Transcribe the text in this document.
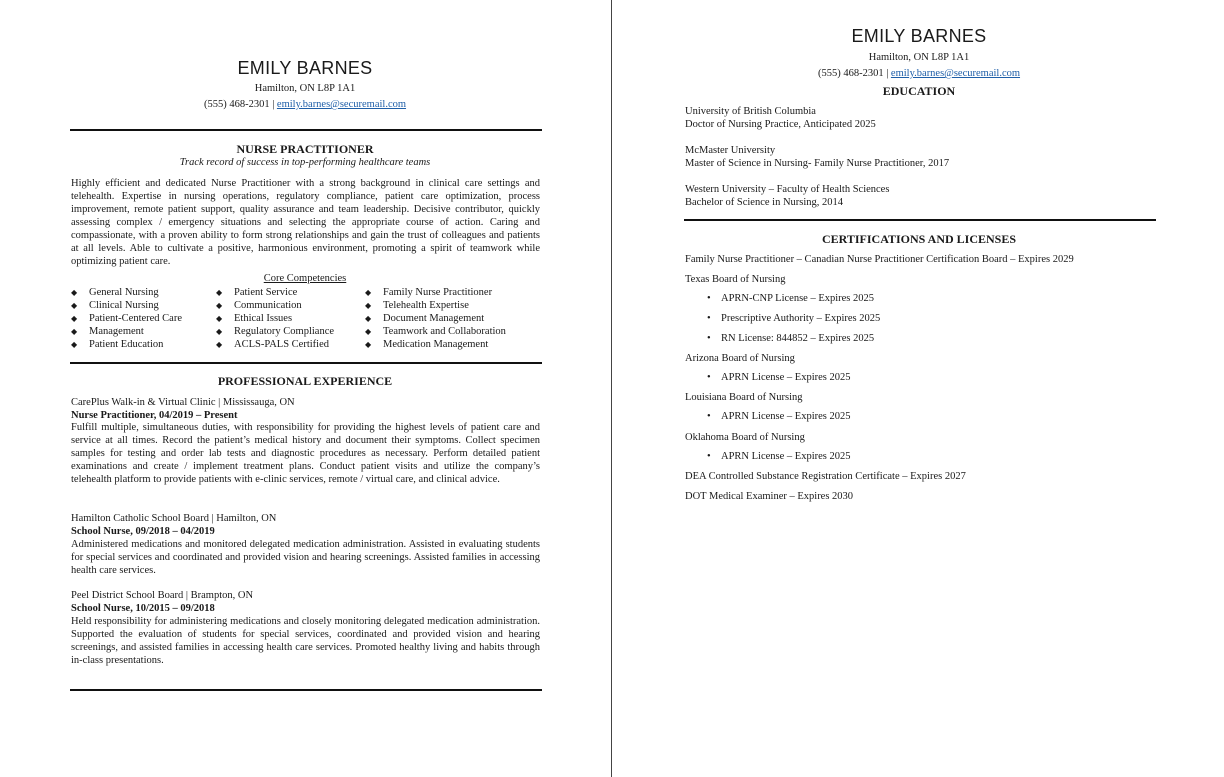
EMILY BARNES
Hamilton, ON L8P 1A1
(555) 468-2301 | emily.barnes@securemail.com
NURSE PRACTITIONER
Track record of success in top-performing healthcare teams
Highly efficient and dedicated Nurse Practitioner with a strong background in clinical care settings and telehealth. Expertise in nursing operations, regulatory compliance, patient care optimization, process improvement, remote patient support, quality assurance and team leadership. Decisive contributor, quickly assessing complex / emergency situations and selecting the appropriate course of action. Caring and compassionate, with a proven ability to form strong relationships and gain the trust of colleagues and patients at all levels. Able to cultivate a positive, harmonious environment, promoting a spirit of teamwork while optimizing patient care.
Core Competencies
◆ General Nursing
◆ Clinical Nursing
◆ Patient-Centered Care
◆ Management
◆ Patient Education
◆ Patient Service
◆ Communication
◆ Ethical Issues
◆ Regulatory Compliance
◆ ACLS-PALS Certified
◆ Family Nurse Practitioner
◆ Telehealth Expertise
◆ Document Management
◆ Teamwork and Collaboration
◆ Medication Management
PROFESSIONAL EXPERIENCE
CarePlus Walk-in & Virtual Clinic | Mississauga, ON
Nurse Practitioner, 04/2019 – Present
Fulfill multiple, simultaneous duties, with responsibility for providing the highest levels of patient care and service at all times. Record the patient’s medical history and document their symptoms. Collect specimen samples for testing and order lab tests and diagnostic procedures as necessary. Perform detailed patient examinations and create / implement treatment plans. Conduct patient visits and utilize the company’s telehealth platform to provide patients with e-clinic services, remote / virtual care, and clinical advice.
Hamilton Catholic School Board | Hamilton, ON
School Nurse, 09/2018 – 04/2019
Administered medications and monitored delegated medication administration. Assisted in evaluating students for special services and coordinated and provided vision and hearing screenings. Assisted families in accessing health care services.
Peel District School Board | Brampton, ON
School Nurse, 10/2015 – 09/2018
Held responsibility for administering medications and closely monitoring delegated medication administration. Supported the evaluation of students for special services, coordinated and provided vision and hearing screenings, and assisted families in accessing health care services. Promoted healthy living and habits through in-class presentations.
EMILY BARNES
Hamilton, ON L8P 1A1
(555) 468-2301 | emily.barnes@securemail.com
EDUCATION
University of British Columbia
Doctor of Nursing Practice, Anticipated 2025
McMaster University
Master of Science in Nursing- Family Nurse Practitioner, 2017
Western University – Faculty of Health Sciences
Bachelor of Science in Nursing, 2014
CERTIFICATIONS AND LICENSES
Family Nurse Practitioner – Canadian Nurse Practitioner Certification Board – Expires 2029
Texas Board of Nursing
• APRN-CNP License – Expires 2025
• Prescriptive Authority – Expires 2025
• RN License: 844852 – Expires 2025
Arizona Board of Nursing
• APRN License – Expires 2025
Louisiana Board of Nursing
• APRN License – Expires 2025
Oklahoma Board of Nursing
• APRN License – Expires 2025
DEA Controlled Substance Registration Certificate – Expires 2027
DOT Medical Examiner – Expires 2030
